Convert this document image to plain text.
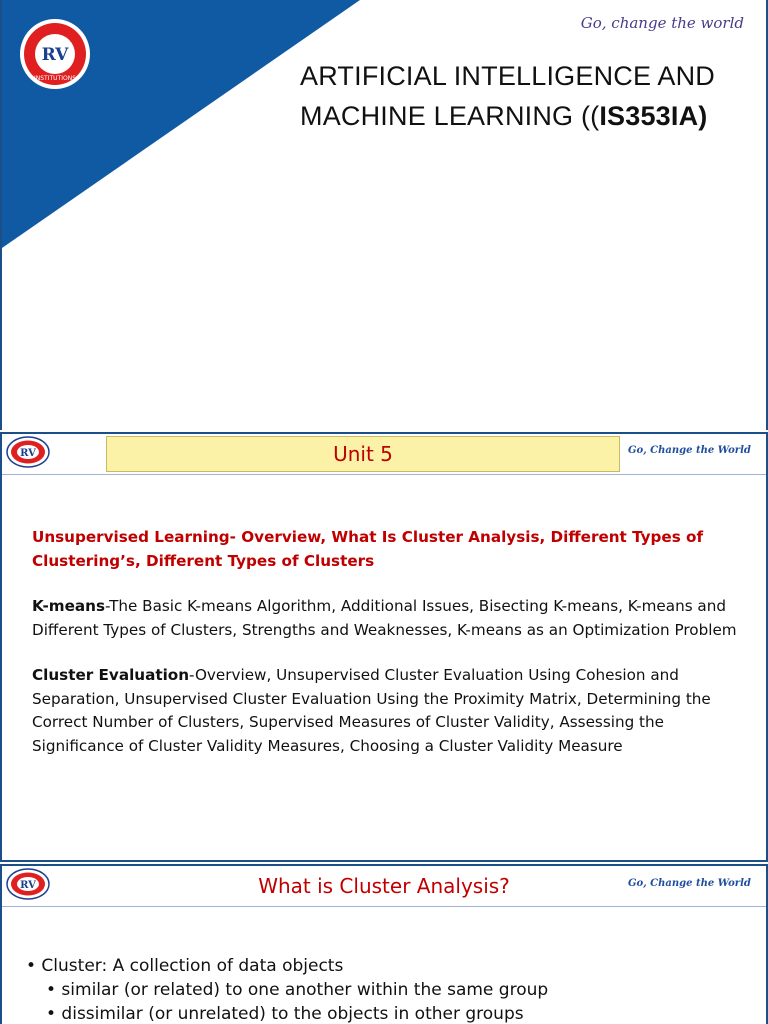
RV
INSTITUTIONS
Go, change the world
ARTIFICIAL INTELLIGENCE AND
MACHINE LEARNING ((IS353IA)
RV	Unit 5	Go, Change the World

Unsupervised Learning- Overview, What Is Cluster Analysis, Different Types of Clustering’s, Different Types of Clusters

K-means-The Basic K-means Algorithm, Additional Issues, Bisecting K-means, K-means and Different Types of Clusters, Strengths and Weaknesses, K-means as an Optimization Problem

Cluster Evaluation-Overview, Unsupervised Cluster Evaluation Using Cohesion and Separation, Unsupervised Cluster Evaluation Using the Proximity Matrix, Determining the Correct Number of Clusters, Supervised Measures of Cluster Validity, Assessing the Significance of Cluster Validity Measures, Choosing a Cluster Validity Measure

RV	What is Cluster Analysis?	Go, Change the World
• Cluster: A collection of data objects
• similar (or related) to one another within the same group
• dissimilar (or unrelated) to the objects in other groups
